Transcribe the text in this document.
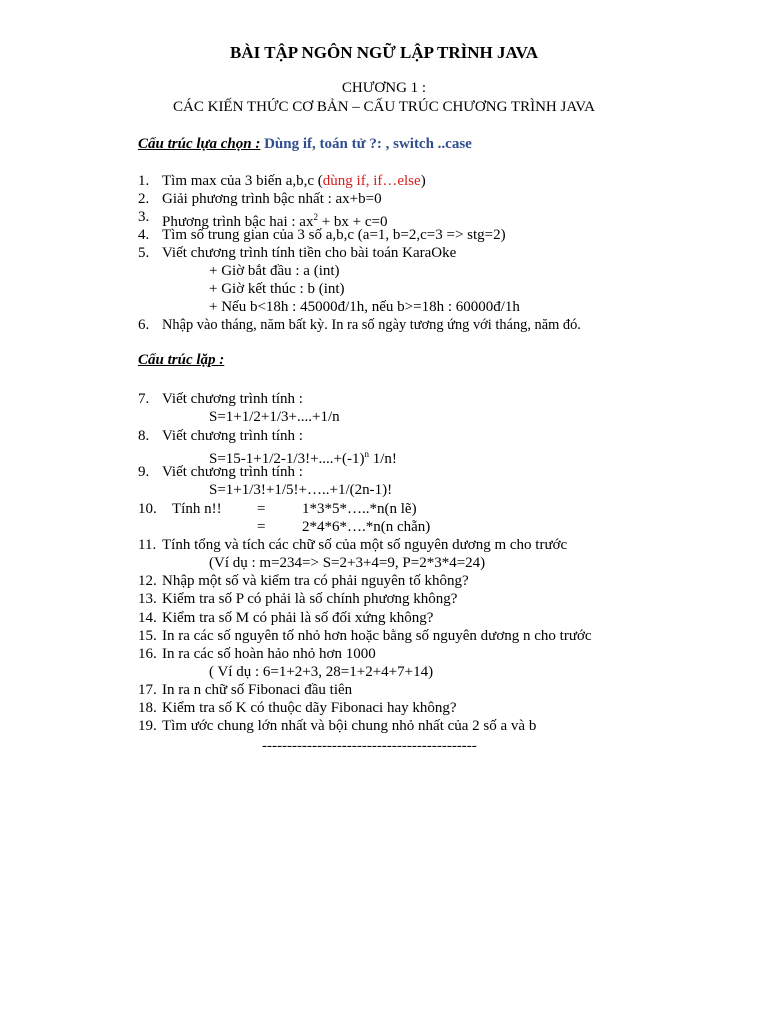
BÀI TẬP NGÔN NGỮ LẬP TRÌNH JAVA
CHƯƠNG 1 :
CÁC KIẾN THỨC CƠ BẢN – CẤU TRÚC CHƯƠNG TRÌNH JAVA
Cấu trúc lựa chọn : Dùng if, toán tử ?: , switch ..case
1. Tìm max của 3 biến a,b,c (dùng if, if…else)
2. Giải phương trình bậc nhất : ax+b=0
3. Phương trình bậc hai : $ax^2$ + bx + c=0
4. Tìm số trung gian của 3 số a,b,c (a=1, b=2,c=3 => stg=2)
5. Viết chương trình tính tiền cho bài toán KaraOke
+ Giờ bắt đầu : a (int)
+ Giờ kết thúc : b (int)
+ Nếu b<18h : 45000đ/1h, nếu b>=18h : 60000đ/1h
6. Nhập vào tháng, năm bất kỳ. In ra số ngày tương ứng với tháng, năm đó.
Cấu trúc lặp :
7. Viết chương trình tính :
S=1+1/2+1/3+....+1/n
8. Viết chương trình tính :
$S=15-1+1/2-1/3!+....+(-1)^n$ 1/n!
9. Viết chương trình tính :
S=1+1/3!+1/5!+…..+1/(2n-1)!
10. Tính n!! = 1*3*5*…..*n(n lẽ)
= 2*4*6*….*n(n chẵn)
11. Tính tổng và tích các chữ số của một số nguyên dương m cho trước
(Ví dụ : m=234=> S=2+3+4=9, P=2*3*4=24)
12. Nhập một số và kiểm tra có phải nguyên tố không?
13. Kiểm tra số P có phải là số chính phương không?
14. Kiểm tra số M có phải là số đối xứng không?
15. In ra các số nguyên tố nhỏ hơn hoặc bằng số nguyên dương n cho trước
16. In ra các số hoàn hảo nhỏ hơn 1000
( Ví dụ : 6=1+2+3, 28=1+2+4+7+14)
17. In ra n chữ số Fibonaci đầu tiên
18. Kiểm tra số K có thuộc dãy Fibonaci hay không?
19. Tìm ước chung lớn nhất và bội chung nhỏ nhất của 2 số a và b
-------------------------------------------
